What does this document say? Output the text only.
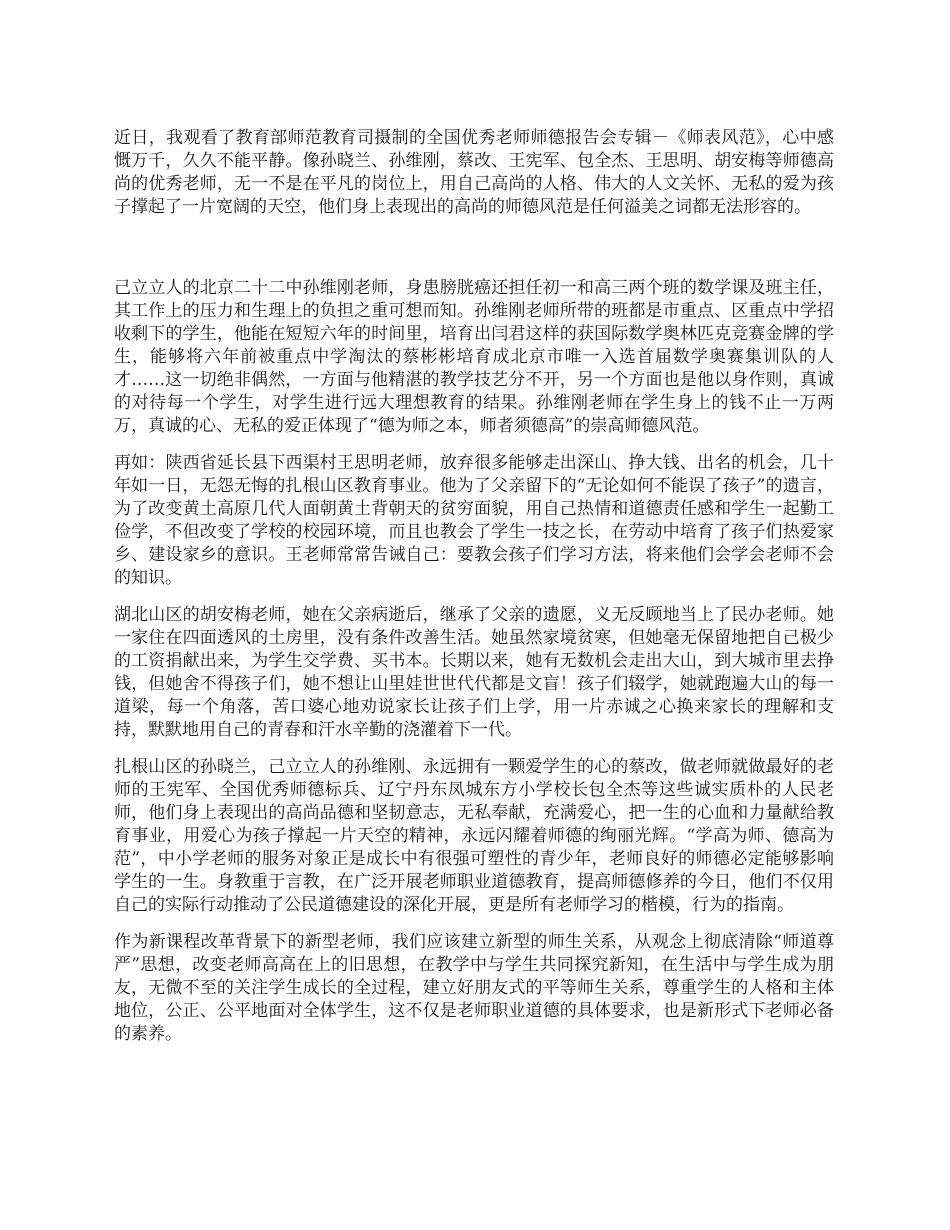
近日，我观看了教育部师范教育司摄制的全国优秀老师师德报告会专辑－《师表风范》，心中感慨万千，久久不能平静。像孙晓兰、孙维刚，蔡改、王宪军、包全杰、王思明、胡安梅等师德高尚的优秀老师，无一不是在平凡的岗位上，用自己高尚的人格、伟大的人文关怀、无私的爱为孩子撑起了一片宽阔的天空，他们身上表现出的高尚的师德风范是任何溢美之词都无法形容的。

己立立人的北京二十二中孙维刚老师，身患膀胱癌还担任初一和高三两个班的数学课及班主任，其工作上的压力和生理上的负担之重可想而知。孙维刚老师所带的班都是市重点、区重点中学招收剩下的学生，他能在短短六年的时间里，培育出闫君这样的获国际数学奥林匹克竞赛金牌的学生，能够将六年前被重点中学淘汰的蔡彬彬培育成北京市唯一入选首届数学奥赛集训队的人才……这一切绝非偶然，一方面与他精湛的教学技艺分不开，另一个方面也是他以身作则，真诚的对待每一个学生，对学生进行远大理想教育的结果。孙维刚老师在学生身上的钱不止一万两万，真诚的心、无私的爱正体现了“德为师之本，师者须德高”的崇高师德风范。

再如：陕西省延长县下西渠村王思明老师，放弃很多能够走出深山、挣大钱、出名的机会，几十年如一日，无怨无悔的扎根山区教育事业。他为了父亲留下的“无论如何不能误了孩子”的遗言，为了改变黄土高原几代人面朝黄土背朝天的贫穷面貌，用自己热情和道德责任感和学生一起勤工俭学，不但改变了学校的校园环境，而且也教会了学生一技之长，在劳动中培育了孩子们热爱家乡、建设家乡的意识。王老师常常告诫自己：要教会孩子们学习方法，将来他们会学会老师不会的知识。

湖北山区的胡安梅老师，她在父亲病逝后，继承了父亲的遗愿，义无反顾地当上了民办老师。她一家住在四面透风的土房里，没有条件改善生活。她虽然家境贫寒，但她毫无保留地把自己极少的工资捐献出来，为学生交学费、买书本。长期以来，她有无数机会走出大山，到大城市里去挣钱，但她舍不得孩子们，她不想让山里娃世世代代都是文盲！孩子们辍学，她就跑遍大山的每一道梁，每一个角落，苦口婆心地劝说家长让孩子们上学，用一片赤诚之心换来家长的理解和支持，默默地用自己的青春和汗水辛勤的浇灌着下一代。

扎根山区的孙晓兰，己立立人的孙维刚、永远拥有一颗爱学生的心的蔡改，做老师就做最好的老师的王宪军、全国优秀师德标兵、辽宁丹东凤城东方小学校长包全杰等这些诚实质朴的人民老师，他们身上表现出的高尚品德和坚韧意志，无私奉献，充满爱心，把一生的心血和力量献给教育事业，用爱心为孩子撑起一片天空的精神，永远闪耀着师德的绚丽光辉。“学高为师、德高为范”，中小学老师的服务对象正是成长中有很强可塑性的青少年，老师良好的师德必定能够影响学生的一生。身教重于言教，在广泛开展老师职业道德教育，提高师德修养的今日，他们不仅用自己的实际行动推动了公民道德建设的深化开展，更是所有老师学习的楷模，行为的指南。

作为新课程改革背景下的新型老师，我们应该建立新型的师生关系，从观念上彻底清除“师道尊严”思想，改变老师高高在上的旧思想，在教学中与学生共同探究新知，在生活中与学生成为朋友，无微不至的关注学生成长的全过程，建立好朋友式的平等师生关系，尊重学生的人格和主体地位，公正、公平地面对全体学生，这不仅是老师职业道德的具体要求，也是新形式下老师必备的素养。
